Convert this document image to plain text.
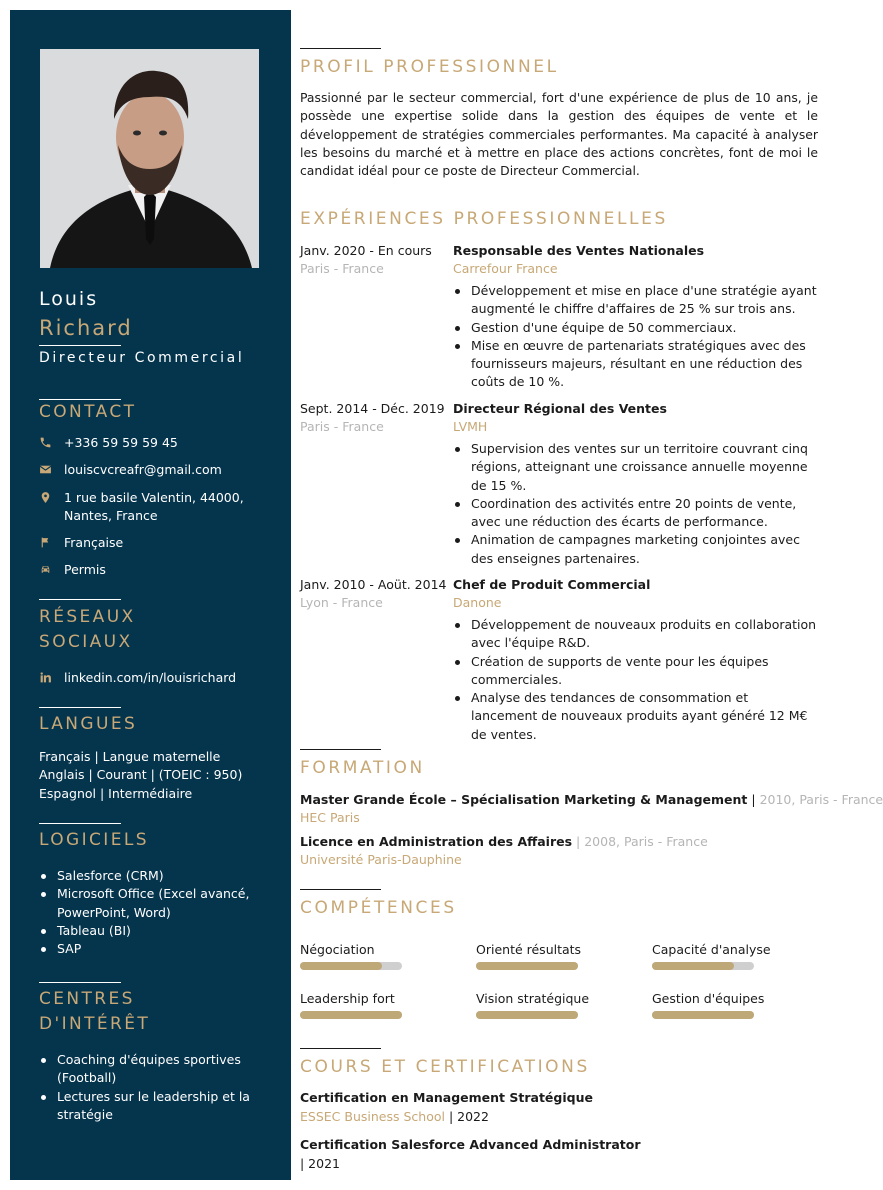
Louis
Richard
Directeur Commercial
CONTACT
+336 59 59 59 45
louiscvcreafr@gmail.com
1 rue basile Valentin, 44000, Nantes, France
Française
Permis
RÉSEAUX
SOCIAUX
linkedin.com/in/louisrichard
LANGUES
Français | Langue maternelle
Anglais | Courant | (TOEIC : 950)
Espagnol | Intermédiaire
LOGICIELS
Salesforce (CRM)
Microsoft Office (Excel avancé, PowerPoint, Word)
Tableau (BI)
SAP
CENTRES
D'INTÉRÊT
Coaching d'équipes sportives (Football)
Lectures sur le leadership et la stratégie
PROFIL PROFESSIONNEL
Passionné par le secteur commercial, fort d'une expérience de plus de 10 ans, je possède une expertise solide dans la gestion des équipes de vente et le développement de stratégies commerciales performantes. Ma capacité à analyser les besoins du marché et à mettre en place des actions concrètes, font de moi le candidat idéal pour ce poste de Directeur Commercial.
EXPÉRIENCES PROFESSIONNELLES
Janv. 2020 - En cours
Paris - France
Responsable des Ventes Nationales
Carrefour France
Développement et mise en place d'une stratégie ayant augmenté le chiffre d'affaires de 25 % sur trois ans.
Gestion d'une équipe de 50 commerciaux.
Mise en œuvre de partenariats stratégiques avec des fournisseurs majeurs, résultant en une réduction des coûts de 10 %.
Sept. 2014 - Déc. 2019
Paris - France
Directeur Régional des Ventes
LVMH
Supervision des ventes sur un territoire couvrant cinq régions, atteignant une croissance annuelle moyenne de 15 %.
Coordination des activités entre 20 points de vente, avec une réduction des écarts de performance.
Animation de campagnes marketing conjointes avec des enseignes partenaires.
Janv. 2010 - Aoüt. 2014
Lyon - France
Chef de Produit Commercial
Danone
Développement de nouveaux produits en collaboration avec l'équipe R&D.
Création de supports de vente pour les équipes commerciales.
Analyse des tendances de consommation et lancement de nouveaux produits ayant généré 12 M€ de ventes.
FORMATION
Master Grande École – Spécialisation Marketing & Management | 2010, Paris - France
HEC Paris
Licence en Administration des Affaires | 2008, Paris - France
Université Paris-Dauphine
COMPÉTENCES
Négociation	Orienté résultats	Capacité d'analyse
Leadership fort	Vision stratégique	Gestion d'équipes
COURS ET CERTIFICATIONS
Certification en Management Stratégique
ESSEC Business School | 2022
Certification Salesforce Advanced Administrator
| 2021
